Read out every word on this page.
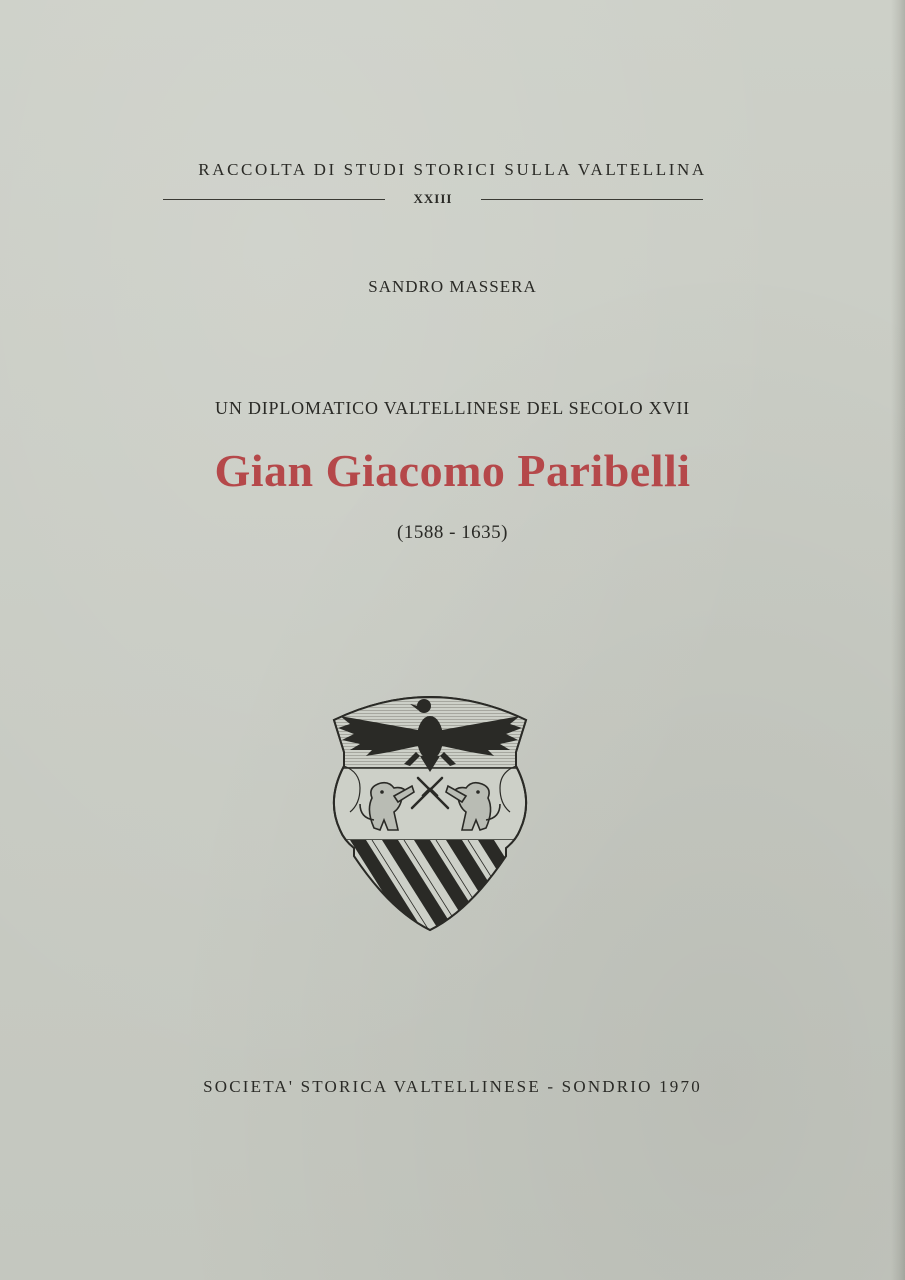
RACCOLTA DI STUDI STORICI SULLA VALTELLINA
XXIII
SANDRO MASSERA
UN DIPLOMATICO VALTELLINESE DEL SECOLO XVII
Gian Giacomo Paribelli
(1588 - 1635)
SOCIETA' STORICA VALTELLINESE - SONDRIO 1970
